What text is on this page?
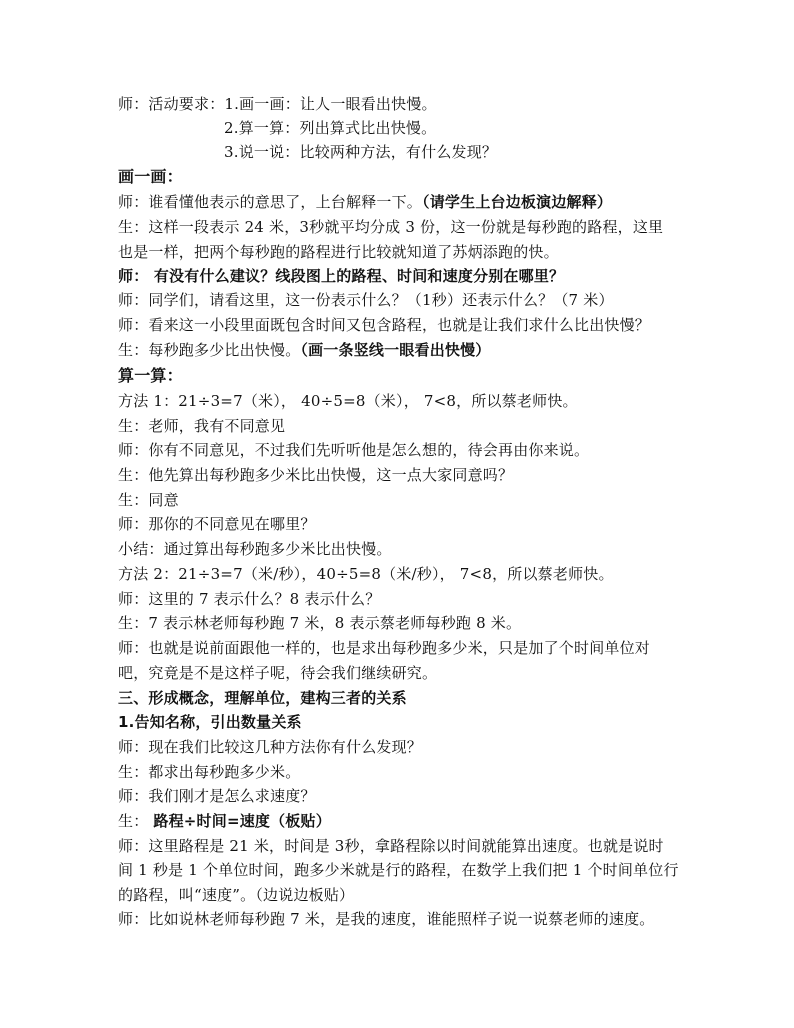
师：活动要求：1.画一画：让人一眼看出快慢。
2.算一算：列出算式比出快慢。
3.说一说：比较两种方法，有什么发现？
画一画：
师：谁看懂他表示的意思了，上台解释一下。（请学生上台边板演边解释）
生：这样一段表示 24 米，3秒就平均分成 3 份，这一份就是每秒跑的路程，这里
也是一样，把两个每秒跑的路程进行比较就知道了苏炳添跑的快。
师： 有没有什么建议？线段图上的路程、时间和速度分别在哪里？
师：同学们，请看这里，这一份表示什么？（1秒）还表示什么？（7 米）
师：看来这一小段里面既包含时间又包含路程，也就是让我们求什么比出快慢？
生：每秒跑多少比出快慢。（画一条竖线一眼看出快慢）
算一算：
方法 1：21÷3=7（米）， 40÷5=8（米）， 7<8，所以蔡老师快。
生：老师，我有不同意见
师：你有不同意见，不过我们先听听他是怎么想的，待会再由你来说。
生：他先算出每秒跑多少米比出快慢，这一点大家同意吗？
生：同意
师：那你的不同意见在哪里？
小结：通过算出每秒跑多少米比出快慢。
方法 2：21÷3=7（米/秒），40÷5=8（米/秒）， 7<8，所以蔡老师快。
师：这里的 7 表示什么？8 表示什么？
生：7 表示林老师每秒跑 7 米，8 表示蔡老师每秒跑 8 米。
师：也就是说前面跟他一样的，也是求出每秒跑多少米，只是加了个时间单位对
吧，究竟是不是这样子呢，待会我们继续研究。
三、形成概念，理解单位，建构三者的关系
1.告知名称，引出数量关系
师：现在我们比较这几种方法你有什么发现？
生：都求出每秒跑多少米。
师：我们刚才是怎么求速度？
生： 路程÷时间=速度（板贴）
师：这里路程是 21 米，时间是 3秒，拿路程除以时间就能算出速度。也就是说时
间 1 秒是 1 个单位时间，跑多少米就是行的路程，在数学上我们把 1 个时间单位行
的路程，叫“速度”。（边说边板贴）
师：比如说林老师每秒跑 7 米，是我的速度，谁能照样子说一说蔡老师的速度。
